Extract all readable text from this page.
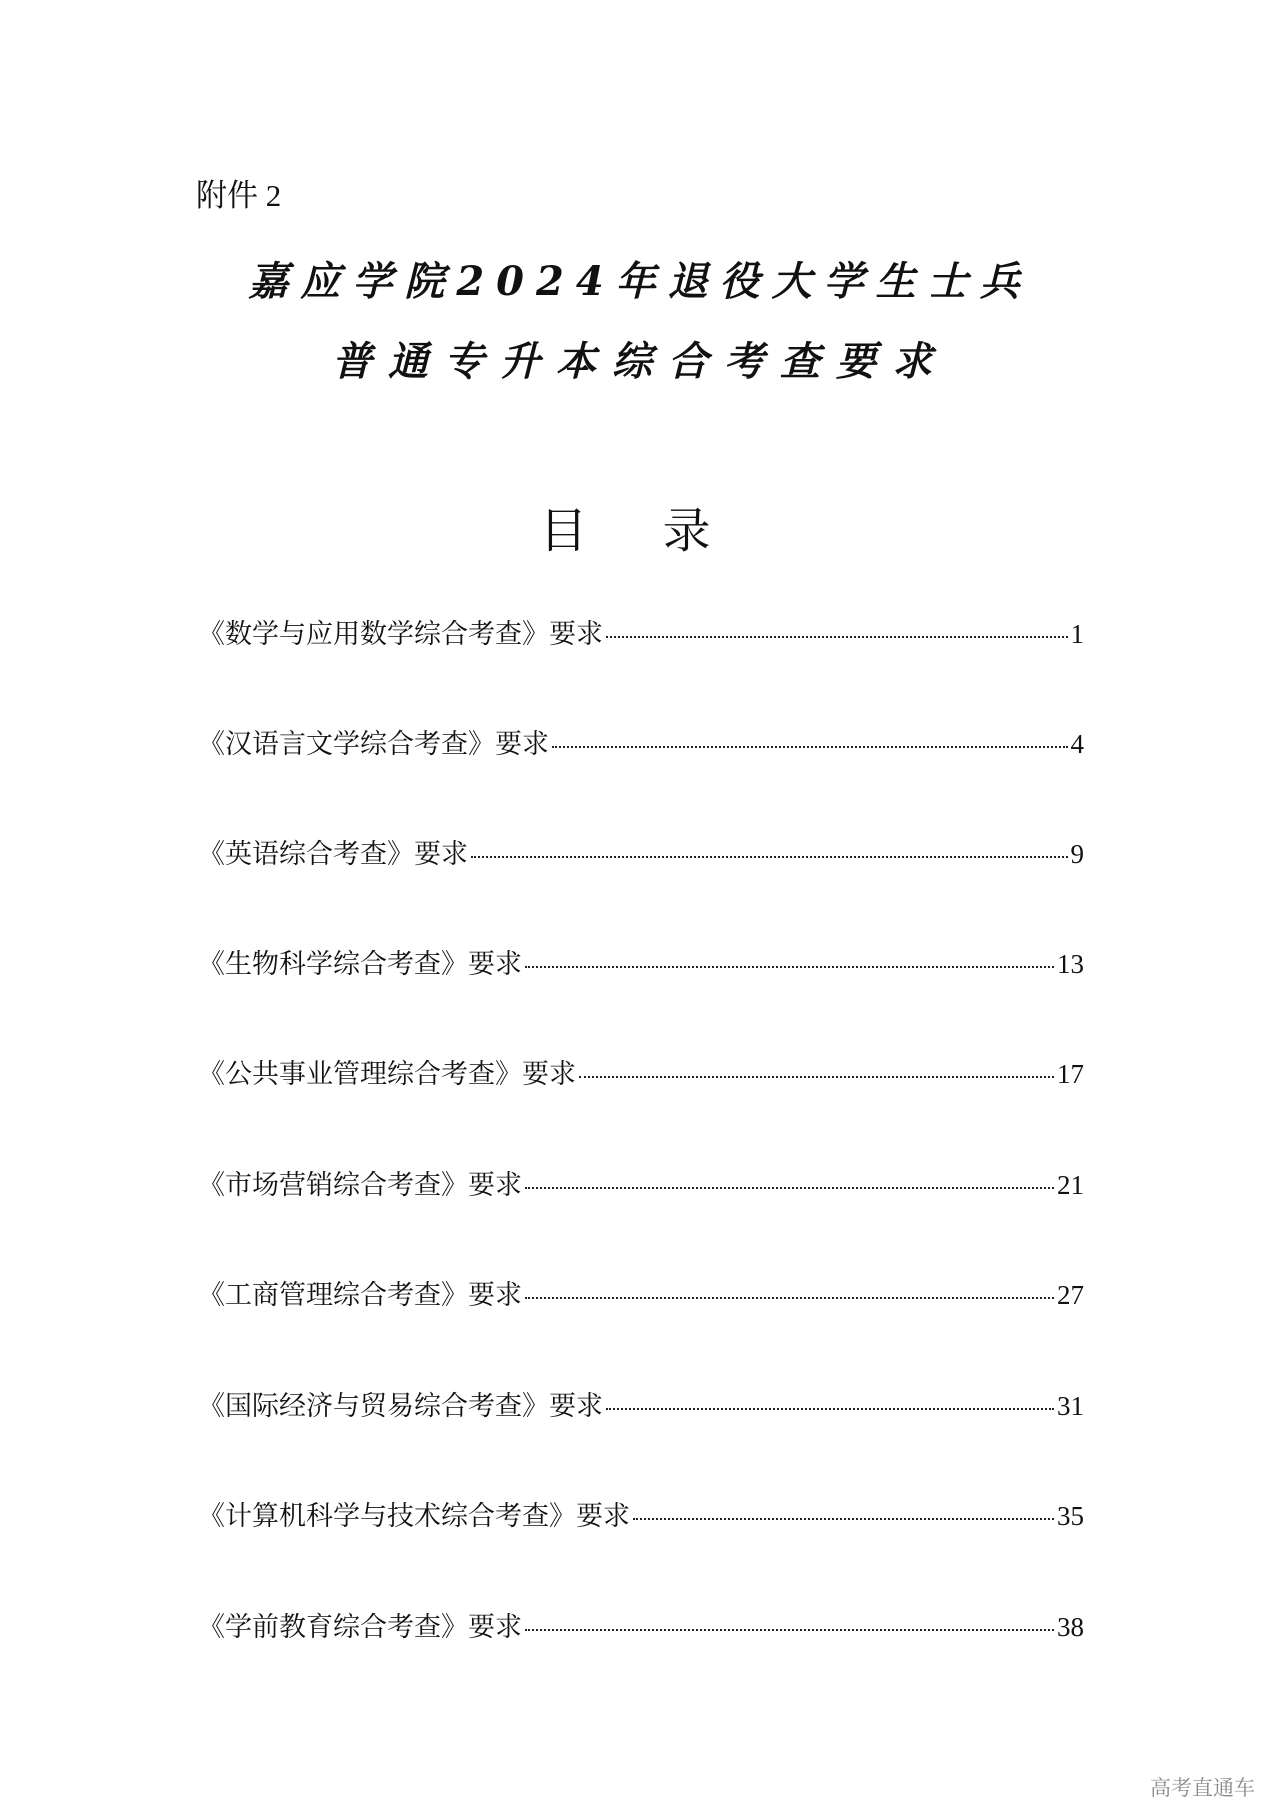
附件 2
嘉应学院2024年退役大学生士兵
普通专升本综合考查要求
目 录
《数学与应用数学综合考查》要求	1
《汉语言文学综合考查》要求	4
《英语综合考查》要求	9
《生物科学综合考查》要求	13
《公共事业管理综合考查》要求	17
《市场营销综合考查》要求	21
《工商管理综合考查》要求	27
《国际经济与贸易综合考查》要求	31
《计算机科学与技术综合考查》要求	35
《学前教育综合考查》要求	38
高考直通车
